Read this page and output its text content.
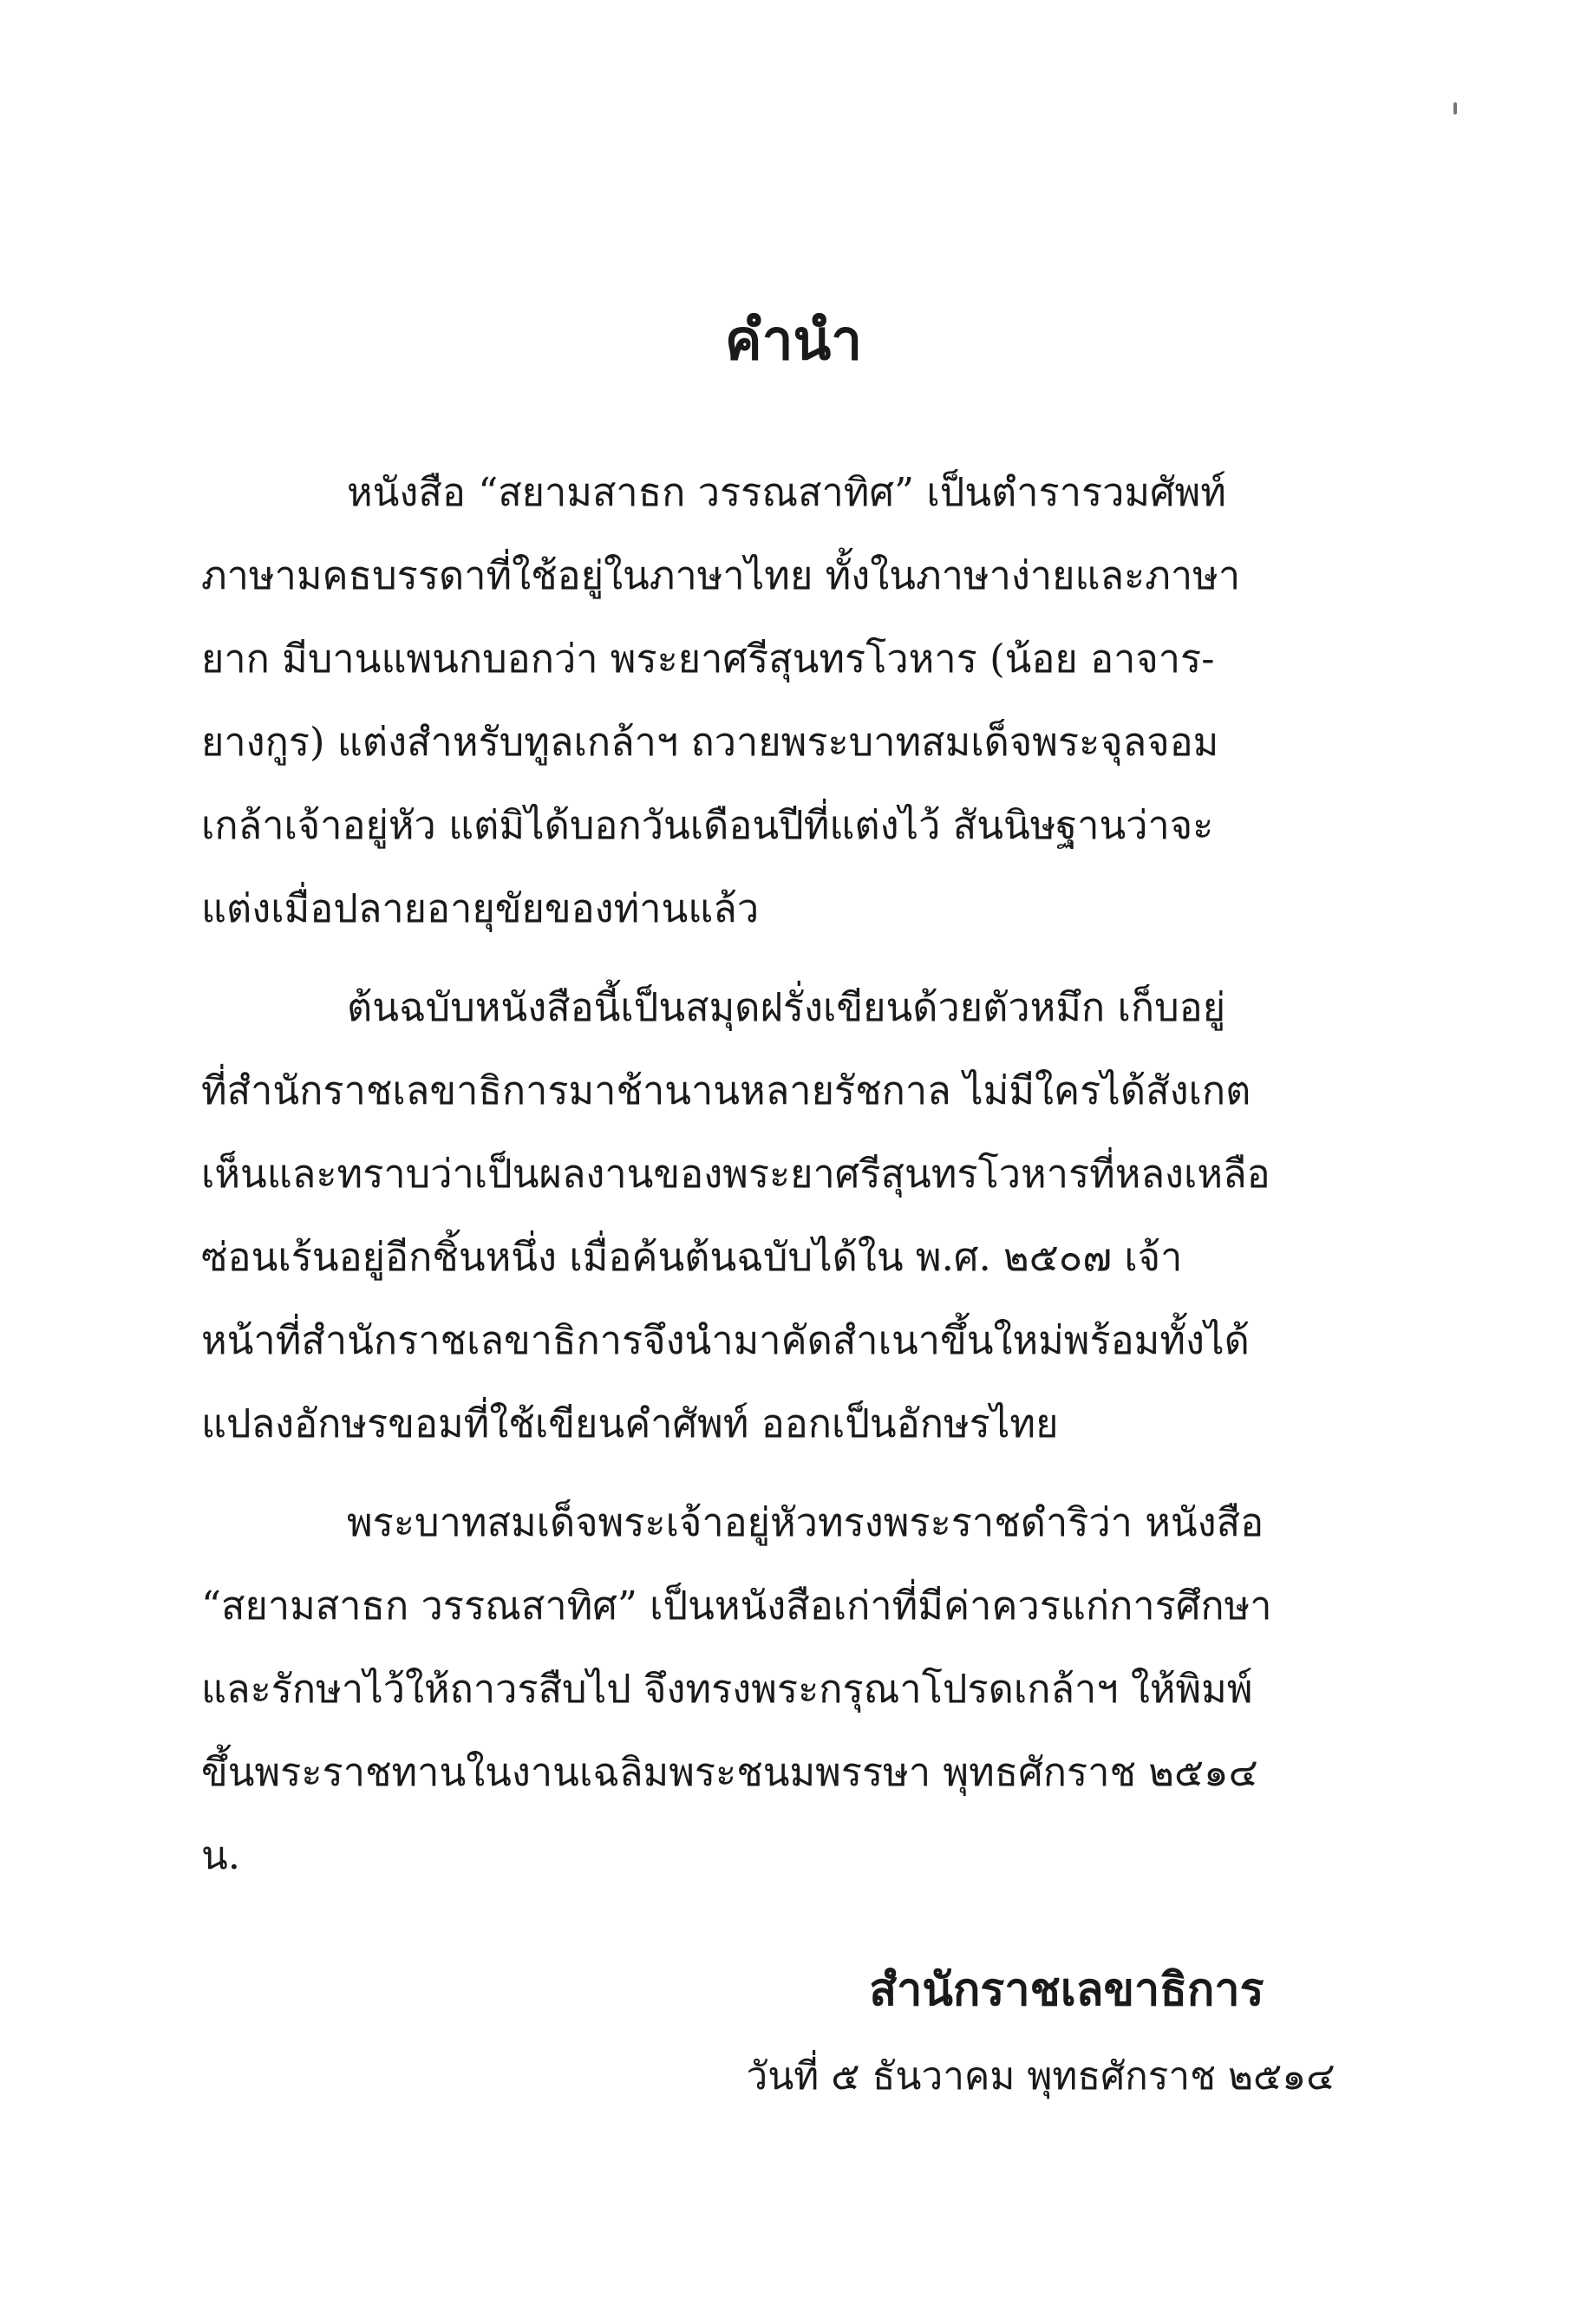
คำนำ
หนังสือ “สยามสาธก วรรณสาทิศ” เป็นตำรารวมศัพท์
ภาษามคธบรรดาที่ใช้อยู่ในภาษาไทย ทั้งในภาษาง่ายและภาษา
ยาก มีบานแพนกบอกว่า พระยาศรีสุนทรโวหาร (น้อย อาจาร-
ยางกูร) แต่งสำหรับทูลเกล้าฯ ถวายพระบาทสมเด็จพระจุลจอม
เกล้าเจ้าอยู่หัว แต่มิได้บอกวันเดือนปีที่แต่งไว้ สันนิษฐานว่าจะ
แต่งเมื่อปลายอายุขัยของท่านแล้ว
ต้นฉบับหนังสือนี้เป็นสมุดฝรั่งเขียนด้วยตัวหมึก เก็บอยู่
ที่สำนักราชเลขาธิการมาช้านานหลายรัชกาล ไม่มีใครได้สังเกต
เห็นและทราบว่าเป็นผลงานของพระยาศรีสุนทรโวหารที่หลงเหลือ
ซ่อนเร้นอยู่อีกชิ้นหนึ่ง เมื่อค้นต้นฉบับได้ใน พ.ศ. ๒๕๐๗ เจ้า
หน้าที่สำนักราชเลขาธิการจึงนำมาคัดสำเนาขึ้นใหม่พร้อมทั้งได้
แปลงอักษรขอมที่ใช้เขียนคำศัพท์ ออกเป็นอักษรไทย
พระบาทสมเด็จพระเจ้าอยู่หัวทรงพระราชดำริว่า หนังสือ
“สยามสาธก วรรณสาทิศ” เป็นหนังสือเก่าที่มีค่าควรแก่การศึกษา
และรักษาไว้ให้ถาวรสืบไป จึงทรงพระกรุณาโปรดเกล้าฯ ให้พิมพ์
ขึ้นพระราชทานในงานเฉลิมพระชนมพรรษา พุทธศักราช ๒๕๑๔
น.
สำนักราชเลขาธิการ
วันที่ ๕ ธันวาคม พุทธศักราช ๒๕๑๔
